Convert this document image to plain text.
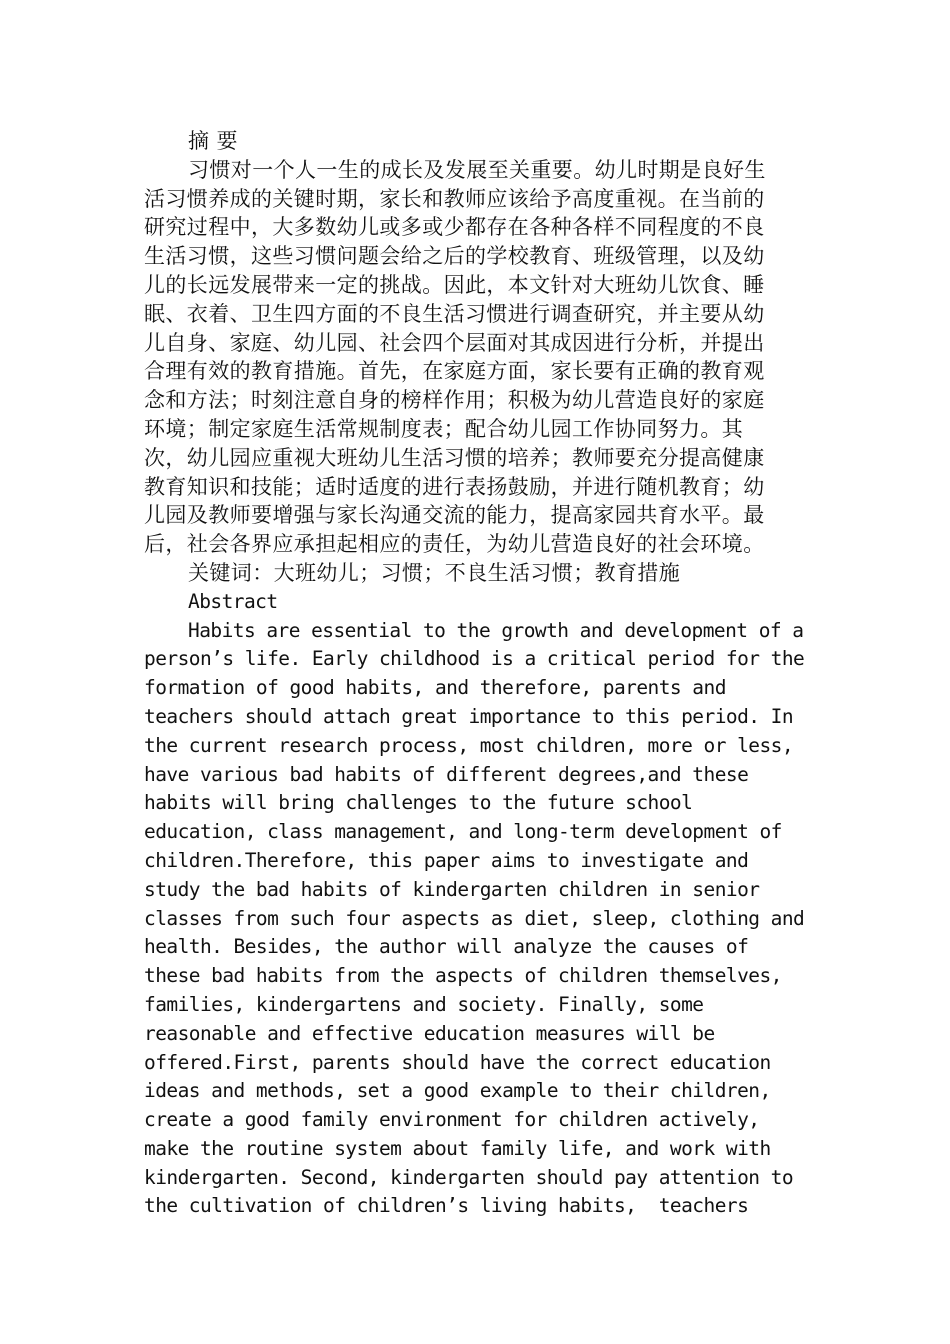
摘 要
习惯对一个人一生的成长及发展至关重要。幼儿时期是良好生
活习惯养成的关键时期，家长和教师应该给予高度重视。在当前的
研究过程中，大多数幼儿或多或少都存在各种各样不同程度的不良
生活习惯，这些习惯问题会给之后的学校教育、班级管理，以及幼
儿的长远发展带来一定的挑战。因此，本文针对大班幼儿饮食、睡
眠、衣着、卫生四方面的不良生活习惯进行调查研究，并主要从幼
儿自身、家庭、幼儿园、社会四个层面对其成因进行分析，并提出
合理有效的教育措施。首先，在家庭方面，家长要有正确的教育观
念和方法；时刻注意自身的榜样作用；积极为幼儿营造良好的家庭
环境；制定家庭生活常规制度表；配合幼儿园工作协同努力。其
次，幼儿园应重视大班幼儿生活习惯的培养；教师要充分提高健康
教育知识和技能；适时适度的进行表扬鼓励，并进行随机教育；幼
儿园及教师要增强与家长沟通交流的能力，提高家园共育水平。最
后，社会各界应承担起相应的责任，为幼儿营造良好的社会环境。
关键词：大班幼儿；习惯；不良生活习惯；教育措施
Abstract
Habits are essential to the growth and development of a
person’s life. Early childhood is a critical period for the
formation of good habits, and therefore, parents and
teachers should attach great importance to this period. In
the current research process, most children, more or less,
have various bad habits of different degrees,and these
habits will bring challenges to the future school
education, class management, and long-term development of
children.Therefore, this paper aims to investigate and
study the bad habits of kindergarten children in senior
classes from such four aspects as diet, sleep, clothing and
health. Besides, the author will analyze the causes of
these bad habits from the aspects of children themselves,
families, kindergartens and society. Finally, some
reasonable and effective education measures will be
offered.First, parents should have the correct education
ideas and methods, set a good example to their children,
create a good family environment for children actively,
make the routine system about family life, and work with
kindergarten. Second, kindergarten should pay attention to
the cultivation of children’s living habits,  teachers
